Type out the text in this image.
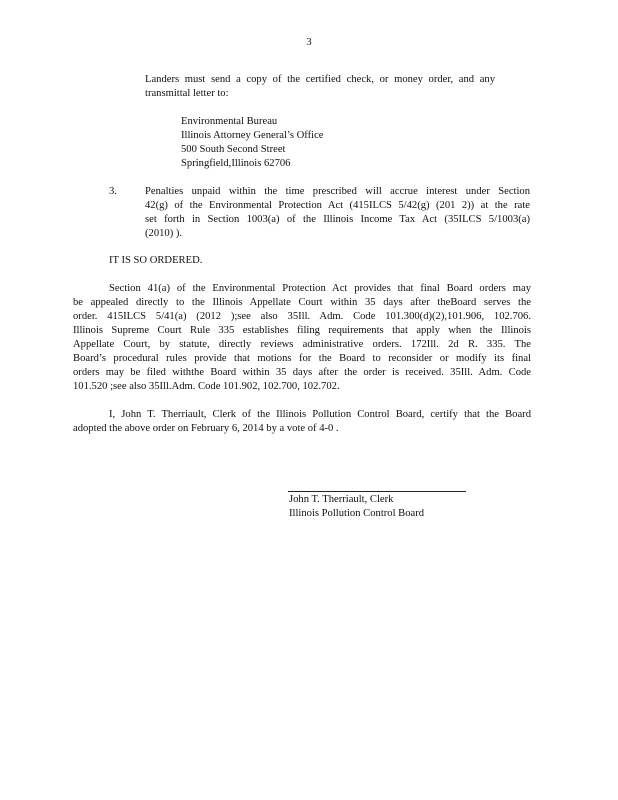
3
Landers must send a copy of the certified check, or money order, and any
transmittal letter to:
Environmental Bureau
Illinois Attorney General’s Office
500 South Second Street
Springfield,Illinois 62706
3.	Penalties unpaid within the time prescribed will accrue interest under Section
42(g) of the Environmental Protection Act (415ILCS 5/42(g) (201 2)) at the rate
set forth in Section 1003(a) of the Illinois Income Tax Act (35ILCS 5/1003(a)
(2010) ).
IT IS SO ORDERED.
Section 41(a) of the Environmental Protection Act provides that final Board orders may
be appealed directly to the Illinois Appellate Court within 35 days after theBoard serves the
order. 415ILCS 5/41(a) (2012 );see also 35Ill. Adm. Code 101.300(d)(2),101.906, 102.706.
Illinois Supreme Court Rule 335 establishes filing requirements that apply when the Illinois
Appellate Court, by statute, directly reviews administrative orders. 172Ill. 2d R. 335. The
Board’s procedural rules provide that motions for the Board to reconsider or modify its final
orders may be filed withthe Board within 35 days after the order is received. 35Ill. Adm. Code
101.520 ;see also 35Ill.Adm. Code 101.902, 102.700, 102.702.
I, John T. Therriault, Clerk of the Illinois Pollution Control Board, certify that the Board
adopted the above order on February 6, 2014 by a vote of 4-0 .
John T. Therriault, Clerk
Illinois Pollution Control Board
